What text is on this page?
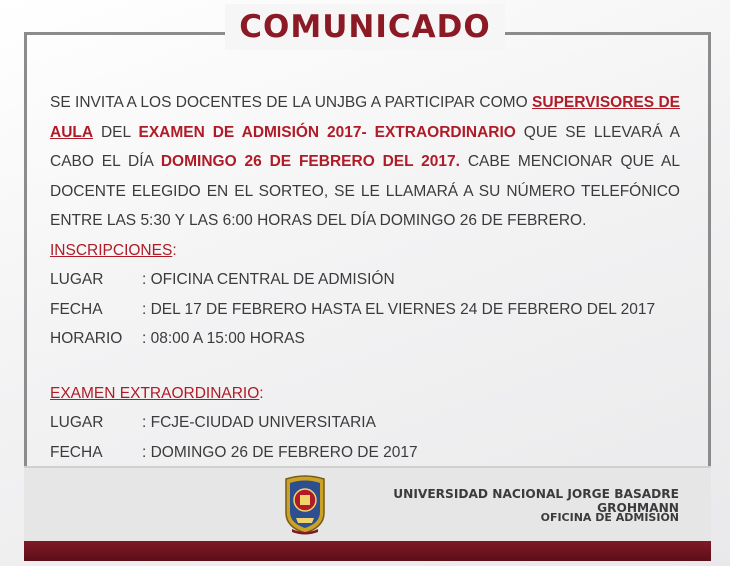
COMUNICADO

SE INVITA A LOS DOCENTES DE LA UNJBG A PARTICIPAR COMO SUPERVISORES DE AULA DEL EXAMEN DE ADMISIÓN 2017- EXTRAORDINARIO QUE SE LLEVARÁ A CABO EL DÍA DOMINGO 26 DE FEBRERO DEL 2017. CABE MENCIONAR QUE AL DOCENTE ELEGIDO EN EL SORTEO, SE LE LLAMARÁ A SU NÚMERO TELEFÓNICO ENTRE LAS 5:30 Y LAS 6:00 HORAS DEL DÍA DOMINGO 26 DE FEBRERO.

INSCRIPCIONES:

LUGAR	: OFICINA CENTRAL DE ADMISIÓN
FECHA	: DEL 17 DE FEBRERO HASTA EL VIERNES 24 DE FEBRERO DEL 2017
HORARIO	: 08:00 A 15:00 HORAS

EXAMEN EXTRAORDINARIO:

LUGAR	: FCJE-CIUDAD UNIVERSITARIA
FECHA	: DOMINGO 26 DE FEBRERO DE 2017
UNIVERSIDAD NACIONAL JORGE BASADRE GROHMANN
OFICINA DE ADMISIÓN
